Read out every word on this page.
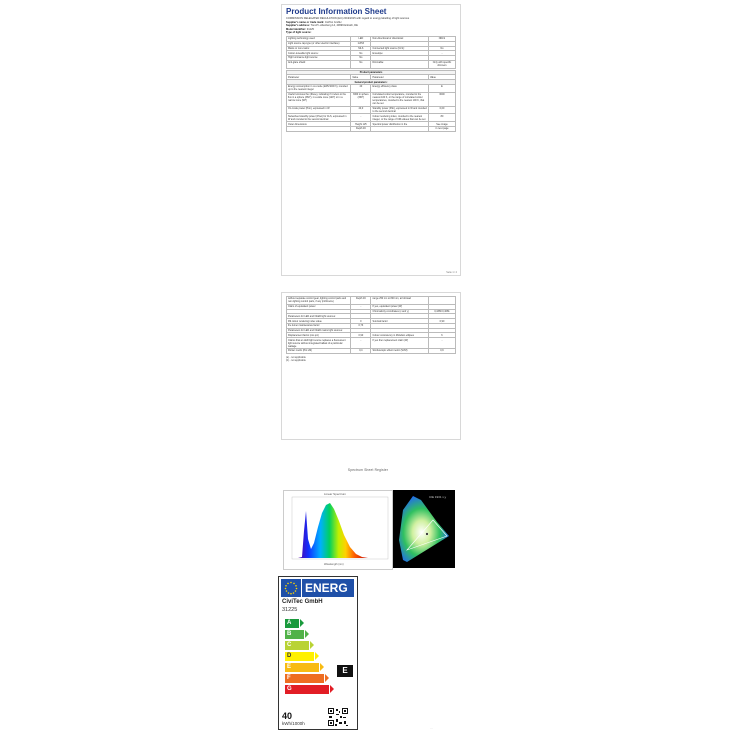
Product Information Sheet
COMMISSION DELEGATED REGULATION (EU) 2019/2015 with regard to energy labelling of light sources
Supplier's name or trade mark: CiviTec GmbH
Supplier's address: Toni-Pr.-Altenberg 14, 40699 Erkrath, DE
Model identifier: 31225
Type of light source:
Lighting technology used:	LED	Non-directional or directional:	NDLS
Light source cap-type (or other electric interface)	GX53		
Mains or non-mains:	MLS	Connected light source (CLS):	No
Colour-tuneable light source:	No	Envelope:	-
High luminance light source:	No		
Anti-glare shield:	No	Dimmable:	Only with specific dimmers
Product parameters			
Parameter	Value	Parameter	Value
General product parameters:			
Energy consumption in on-mode (kWh/1000 h), rounded up to the nearest integer	40	Energy efficiency class	E
Useful luminous flux (Φuse), indicating if it refers to the flux in a sphere (360°), in a wide cone (120°) or in a narrow cone (90°)	3300 in sphere (360°)	Correlated colour temperature, rounded to the nearest 100 K, or the range of correlated colour temperatures, rounded to the nearest 100 K, that can be set	3000
On-mode power (Pon), expressed in W	40,0	Standby power (Psb), expressed in W and rounded to the second decimal	0,00
Networked standby power (Pnet) for CLS, expressed in W and rounded to the second decimal	-	Colour rendering index, rounded to the nearest integer, or the range of CRI-values that can be set	80
Outer dimensions	Height 125	Spectral power distribution in the	See image
	Depth 46		in next page
Seite 1 / 2
without separate control gear, lighting control parts and non-lighting control parts, if any (millimetre)	Depth 46	range 250 nm to 800 nm, at full-load	
Claim of equivalent power	-	If yes, equivalent power (W)	
		Chromaticity coordinates (x and y)	0,4369 0,4081
Parameters for LED and OLED light sources:			
R9 colour rendering index value	0	Survival factor	0,90
the lumen maintenance factor	0,73		
Parameters for LED and OLED mains light sources:			
Displacement factor (cos φ1)	0,90	Colour consistency in McAdam ellipses	6
Claims that an LED light source replaces a fluorescent light source without integrated ballast of a particular wattage	-	If yes then replacement claim (W)	-
Flicker metric (Pst LM)	0,4	Stroboscopic effect metric (SVM)	0,9
(a) - not applicable
(b) - not applicable
Spectrum Sheet Register
Linear Spectrum
Wavelength (nm)
CIE 1931 x,y
ENERG
CiviTec GmbH
31225
A
B
C
D
E
F
G
E
40
kWh/1000h
···
